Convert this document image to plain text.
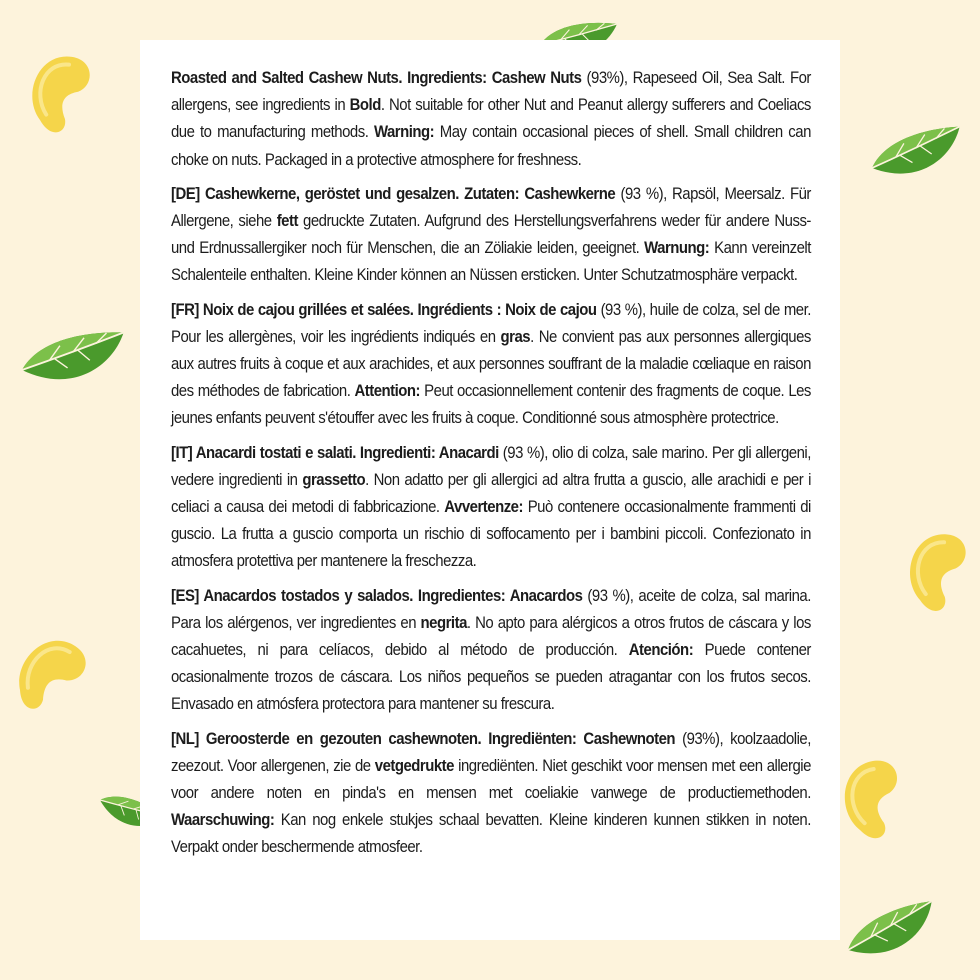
Roasted and Salted Cashew Nuts. Ingredients: Cashew Nuts (93%), Rapeseed Oil, Sea Salt. For allergens, see ingredients in Bold. Not suitable for other Nut and Peanut allergy sufferers and Coeliacs due to manufacturing methods. Warning: May contain occasional pieces of shell. Small children can choke on nuts. Packaged in a protective atmosphere for freshness.

[DE] Cashewkerne, geröstet und gesalzen. Zutaten: Cashewkerne (93 %), Rapsöl, Meersalz. Für Allergene, siehe fett gedruckte Zutaten. Aufgrund des Herstellungsverfahrens weder für andere Nuss- und Erdnussallergiker noch für Menschen, die an Zöliakie leiden, geeignet. Warnung: Kann vereinzelt Schalenteile enthalten. Kleine Kinder können an Nüssen ersticken. Unter Schutzatmosphäre verpackt.

[FR] Noix de cajou grillées et salées. Ingrédients : Noix de cajou (93 %), huile de colza, sel de mer. Pour les allergènes, voir les ingrédients indiqués en gras. Ne convient pas aux personnes allergiques aux autres fruits à coque et aux arachides, et aux personnes souffrant de la maladie cœliaque en raison des méthodes de fabrication. Attention: Peut occasionnellement contenir des fragments de coque. Les jeunes enfants peuvent s'étouffer avec les fruits à coque. Conditionné sous atmosphère protectrice.

[IT] Anacardi tostati e salati. Ingredienti: Anacardi (93 %), olio di colza, sale marino. Per gli allergeni, vedere ingredienti in grassetto. Non adatto per gli allergici ad altra frutta a guscio, alle arachidi e per i celiaci a causa dei metodi di fabbricazione. Avvertenze: Può contenere occasionalmente frammenti di guscio. La frutta a guscio comporta un rischio di soffocamento per i bambini piccoli. Confezionato in atmosfera protettiva per mantenere la freschezza.

[ES] Anacardos tostados y salados. Ingredientes: Anacardos (93 %), aceite de colza, sal marina. Para los alérgenos, ver ingredientes en negrita. No apto para alérgicos a otros frutos de cáscara y los cacahuetes, ni para celíacos, debido al método de producción. Atención: Puede contener ocasionalmente trozos de cáscara. Los niños pequeños se pueden atragantar con los frutos secos. Envasado en atmósfera protectora para mantener su frescura.

[NL] Geroosterde en gezouten cashewnoten. Ingrediënten: Cashewnoten (93%), koolzaadolie, zeezout. Voor allergenen, zie de vetgedrukte ingrediënten. Niet geschikt voor mensen met een allergie voor andere noten en pinda's en mensen met coeliakie vanwege de productiemethoden. Waarschuwing: Kan nog enkele stukjes schaal bevatten. Kleine kinderen kunnen stikken in noten. Verpakt onder beschermende atmosfeer.
